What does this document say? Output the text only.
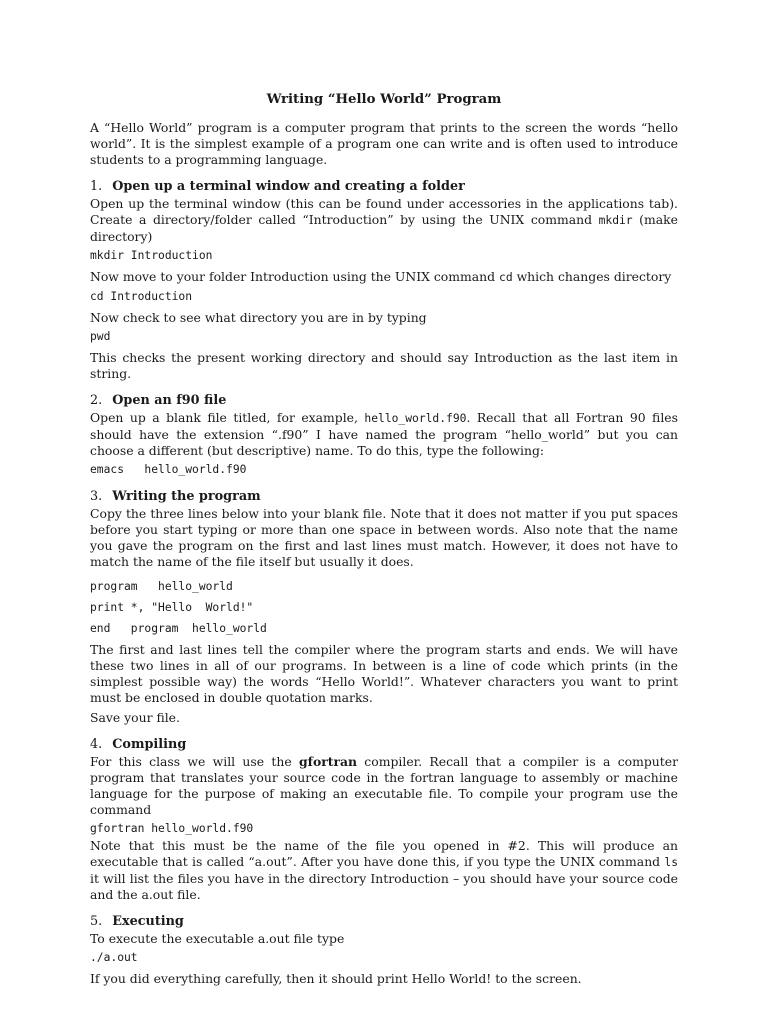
Writing “Hello World” Program

A “Hello World” program is a computer program that prints to the screen the words “hello world”. It is the simplest example of a program one can write and is often used to introduce students to a programming language.

1. Open up a terminal window and creating a folder

Open up the terminal window (this can be found under accessories in the applications tab). Create a directory/folder called “Introduction” by using the UNIX command mkdir (make directory)

mkdir Introduction

Now move to your folder Introduction using the UNIX command cd which changes directory

cd Introduction

Now check to see what directory you are in by typing

pwd

This checks the present working directory and should say Introduction as the last item in string.

2. Open an f90 file

Open up a blank file titled, for example, hello_world.f90. Recall that all Fortran 90 files should have the extension “.f90” I have named the program “hello_world” but you can choose a different (but descriptive) name. To do this, type the following:

emacs   hello_world.f90
3. Writing the program

Copy the three lines below into your blank file. Note that it does not matter if you put spaces before you start typing or more than one space in between words. Also note that the name you gave the program on the first and last lines must match. However, it does not have to match the name of the file itself but usually it does.

program   hello_world
print *, "Hello  World!"
end   program  hello_world

The first and last lines tell the compiler where the program starts and ends. We will have these two lines in all of our programs. In between is a line of code which prints (in the simplest possible way) the words “Hello World!”. Whatever characters you want to print must be enclosed in double quotation marks.

Save your file.

4. Compiling

For this class we will use the gfortran compiler. Recall that a compiler is a computer program that translates your source code in the fortran language to assembly or machine language for the purpose of making an executable file. To compile your program use the command

gfortran hello_world.f90

Note that this must be the name of the file you opened in #2. This will produce an executable that is called “a.out”. After you have done this, if you type the UNIX command ls it will list the files you have in the directory Introduction – you should have your source code and the a.out file.

5. Executing

To execute the executable a.out file type

./a.out

If you did everything carefully, then it should print Hello World! to the screen.
